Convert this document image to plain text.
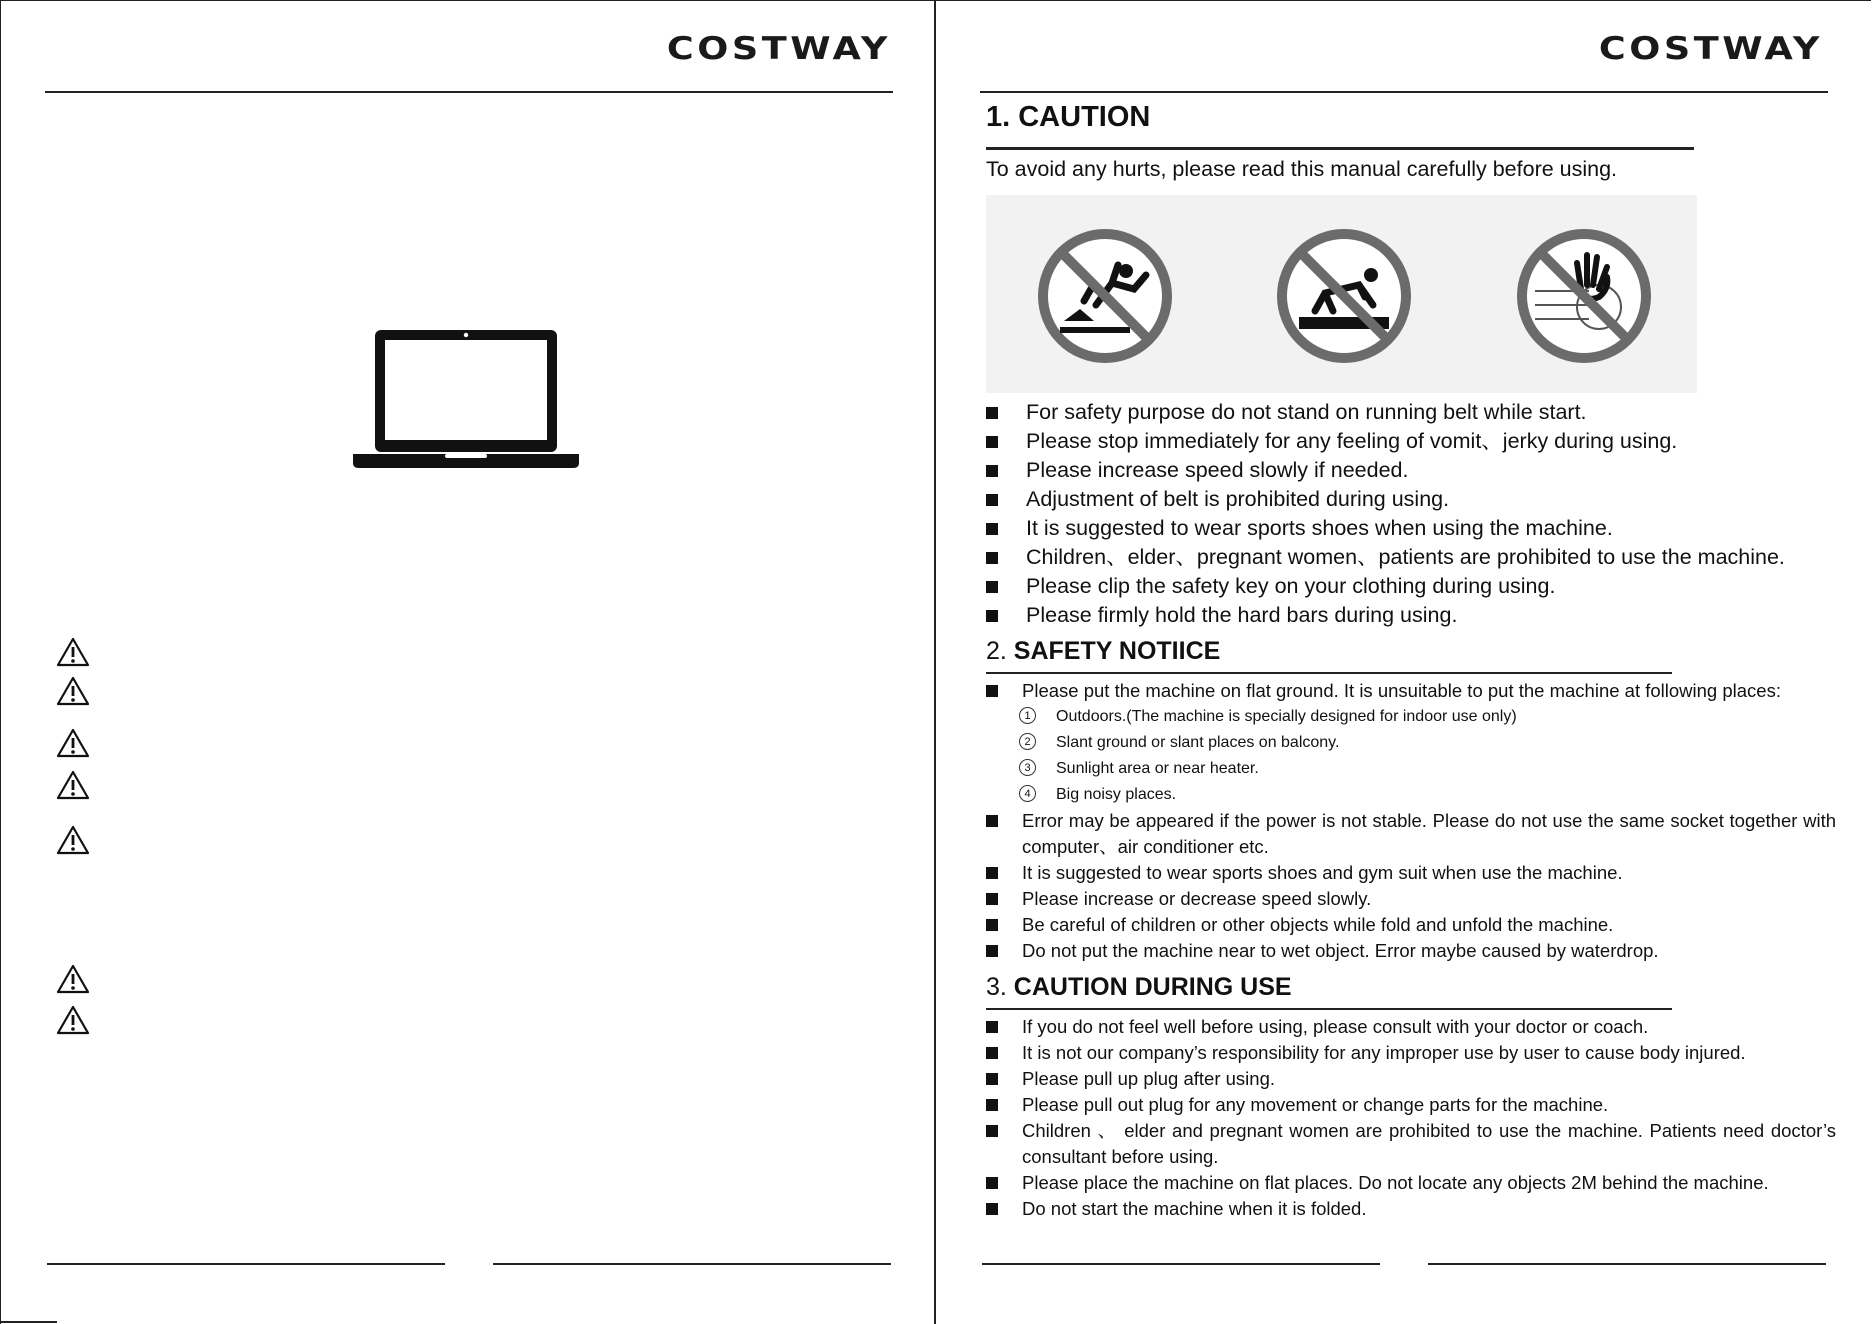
COSTWAY	COSTWAY
1. CAUTION
To avoid any hurts, please read this manual carefully before using.
For safety purpose do not stand on running belt while start.
Please stop immediately for any feeling of vomit、jerky during using.
Please increase speed slowly if needed.
Adjustment of belt is prohibited during using.
It is suggested to wear sports shoes when using the machine.
Children、elder、pregnant women、patients are prohibited to use the machine.
Please clip the safety key on your clothing during using.
Please firmly hold the hard bars during using.
2. SAFETY NOTIICE
Please put the machine on flat ground. It is unsuitable to put the machine at following places:
1	Outdoors.(The machine is specially designed for indoor use only)
2	Slant ground or slant places on balcony.
3	Sunlight area or near heater.
4	Big noisy places.
Error may be appeared if the power is not stable. Please do not use the same socket together with computer、air conditioner etc.
It is suggested to wear sports shoes and gym suit when use the machine.
Please increase or decrease speed slowly.
Be careful of children or other objects while fold and unfold the machine.
Do not put the machine near to wet object. Error maybe caused by waterdrop.
3. CAUTION DURING USE
If you do not feel well before using, please consult with your doctor or coach.
It is not our company’s responsibility for any improper use by user to cause body injured.
Please pull up plug after using.
Please pull out plug for any movement or change parts for the machine.
Children 、 elder and pregnant women are prohibited to use the machine. Patients need doctor’s consultant before using.
Please place the machine on flat places. Do not locate any objects 2M behind the machine.
Do not start the machine when it is folded.
